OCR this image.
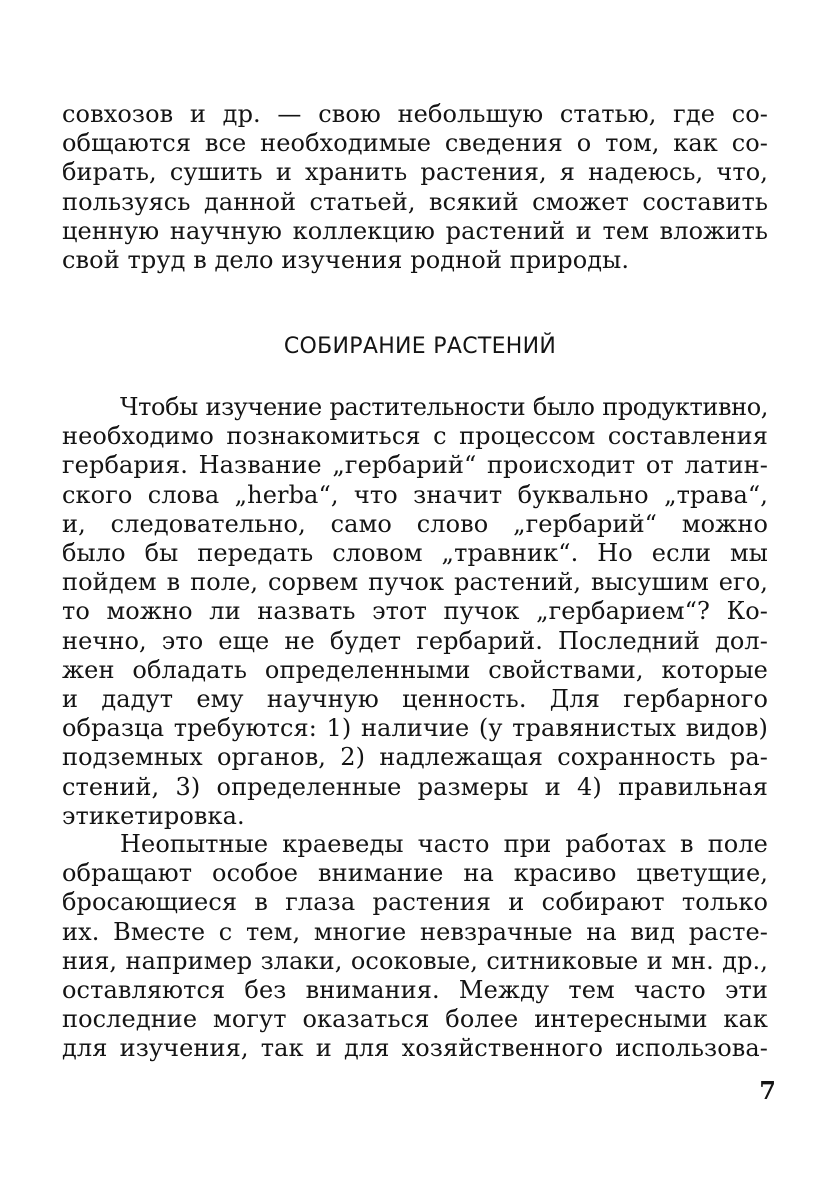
совхозов и др. — свою небольшую статью, где со-
общаются все необходимые сведения о том, как со-
бирать, сушить и хранить растения, я надеюсь, что,
пользуясь данной статьей, всякий сможет составить
ценную научную коллекцию растений и тем вложить
свой труд в дело изучения родной природы.

СОБИРАНИЕ РАСТЕНИЙ

Чтобы изучение растительности было продуктивно,
необходимо познакомиться с процессом составления
гербария. Название „гербарий“ происходит от латин-
ского слова „herba“, что значит буквально „трава“,
и, следовательно, само слово „гербарий“ можно
было бы передать словом „травник“. Но если мы
пойдем в поле, сорвем пучок растений, высушим его,
то можно ли назвать этот пучок „гербарием“? Ко-
нечно, это еще не будет гербарий. Последний дол-
жен обладать определенными свойствами, которые
и дадут ему научную ценность. Для гербарного
образца требуются: 1) наличие (у травянистых видов)
подземных органов, 2) надлежащая сохранность ра-
стений, 3) определенные размеры и 4) правильная
этикетировка.

Неопытные краеведы часто при работах в поле
обращают особое внимание на красиво цветущие,
бросающиеся в глаза растения и собирают только
их. Вместе с тем, многие невзрачные на вид расте-
ния, например злаки, осоковые, ситниковые и мн. др.,
оставляются без внимания. Между тем часто эти
последние могут оказаться более интересными как
для изучения, так и для хозяйственного использова-

7
